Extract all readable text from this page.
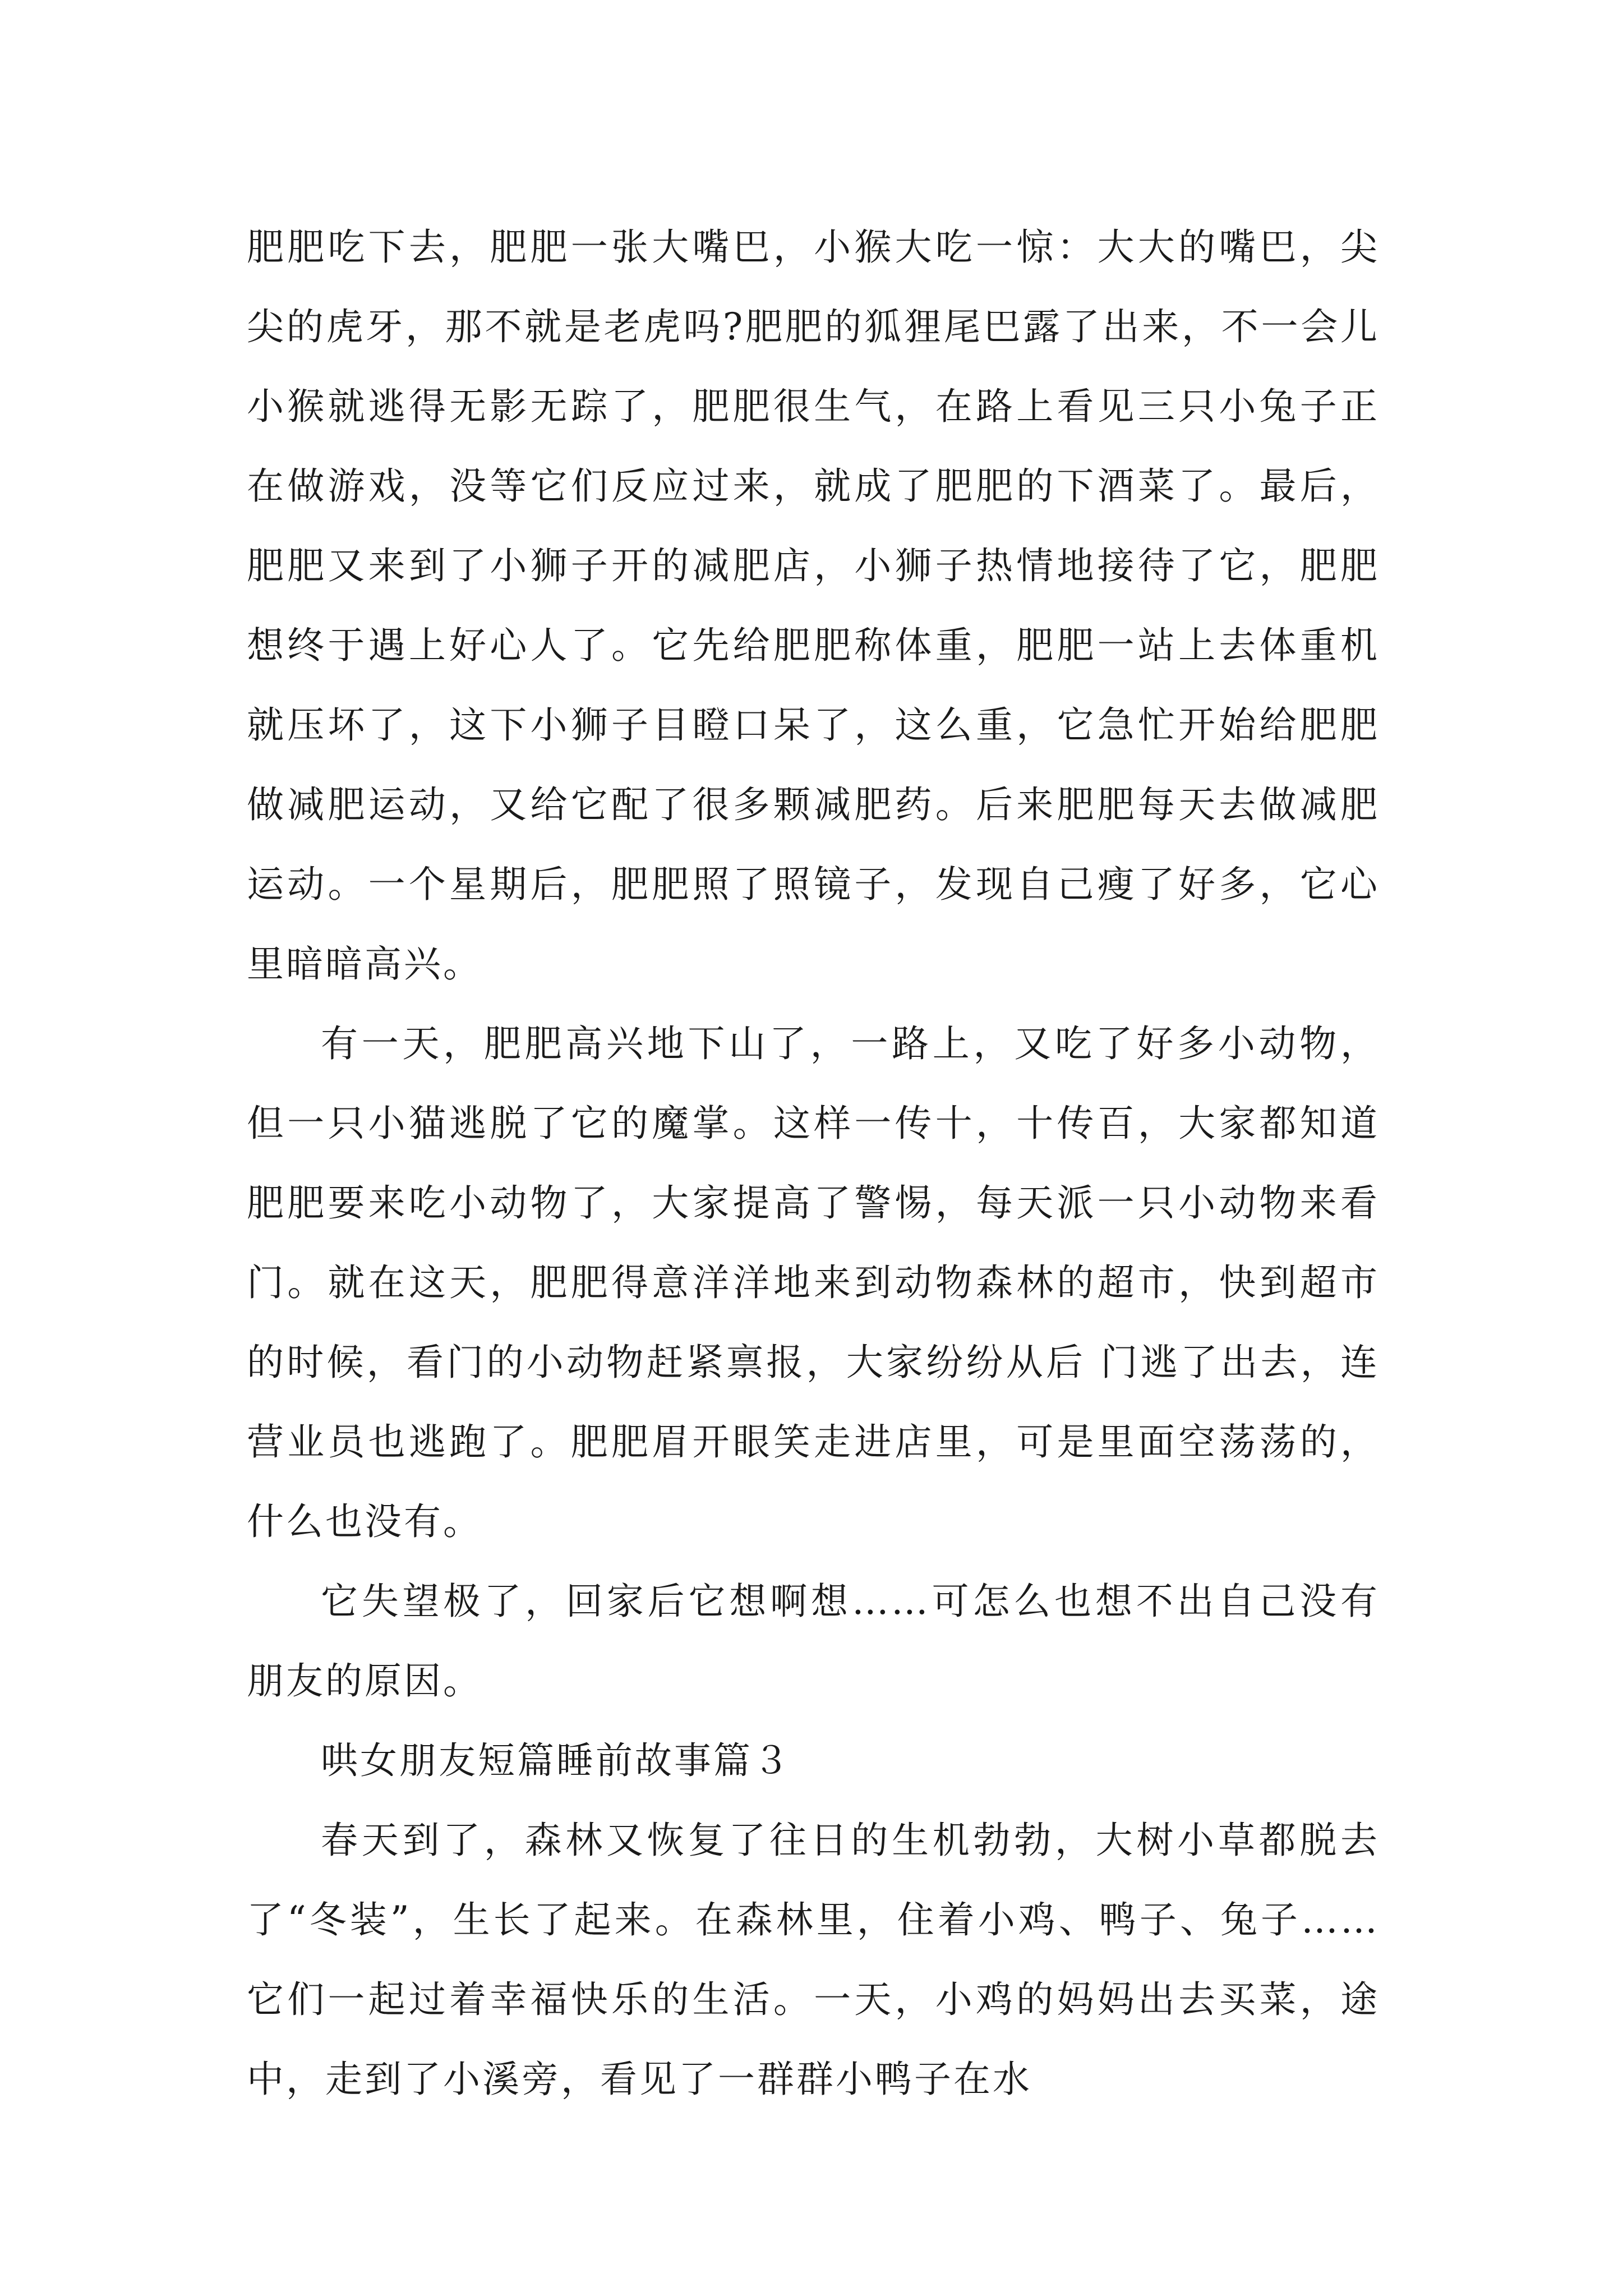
肥肥吃下去，肥肥一张大嘴巴，小猴大吃一惊：大大的嘴巴，尖尖的虎牙，那不就是老虎吗?肥肥的狐狸尾巴露了出来，不一会儿小猴就逃得无影无踪了，肥肥很生气，在路上看见三只小兔子正在做游戏，没等它们反应过来，就成了肥肥的下酒菜了。最后，肥肥又来到了小狮子开的减肥店，小狮子热情地接待了它，肥肥想终于遇上好心人了。它先给肥肥称体重，肥肥一站上去体重机就压坏了，这下小狮子目瞪口呆了，这么重，它急忙开始给肥肥做减肥运动，又给它配了很多颗减肥药。后来肥肥每天去做减肥运动。一个星期后，肥肥照了照镜子，发现自己瘦了好多，它心里暗暗高兴。

有一天，肥肥高兴地下山了，一路上，又吃了好多小动物，但一只小猫逃脱了它的魔掌。这样一传十，十传百，大家都知道肥肥要来吃小动物了，大家提高了警惕，每天派一只小动物来看门。就在这天，肥肥得意洋洋地来到动物森林的超市，快到超市的时候，看门的小动物赶紧禀报，大家纷纷从后 门逃了出去，连营业员也逃跑了。肥肥眉开眼笑走进店里，可是里面空荡荡的，什么也没有。

它失望极了，回家后它想啊想……可怎么也想不出自己没有朋友的原因。

哄女朋友短篇睡前故事篇３

春天到了，森林又恢复了往日的生机勃勃，大树小草都脱去了“冬装”，生长了起来。在森林里，住着小鸡、鸭子、兔子……它们一起过着幸福快乐的生活。一天，小鸡的妈妈出去买菜，途中，走到了小溪旁，看见了一群群小鸭子在水
